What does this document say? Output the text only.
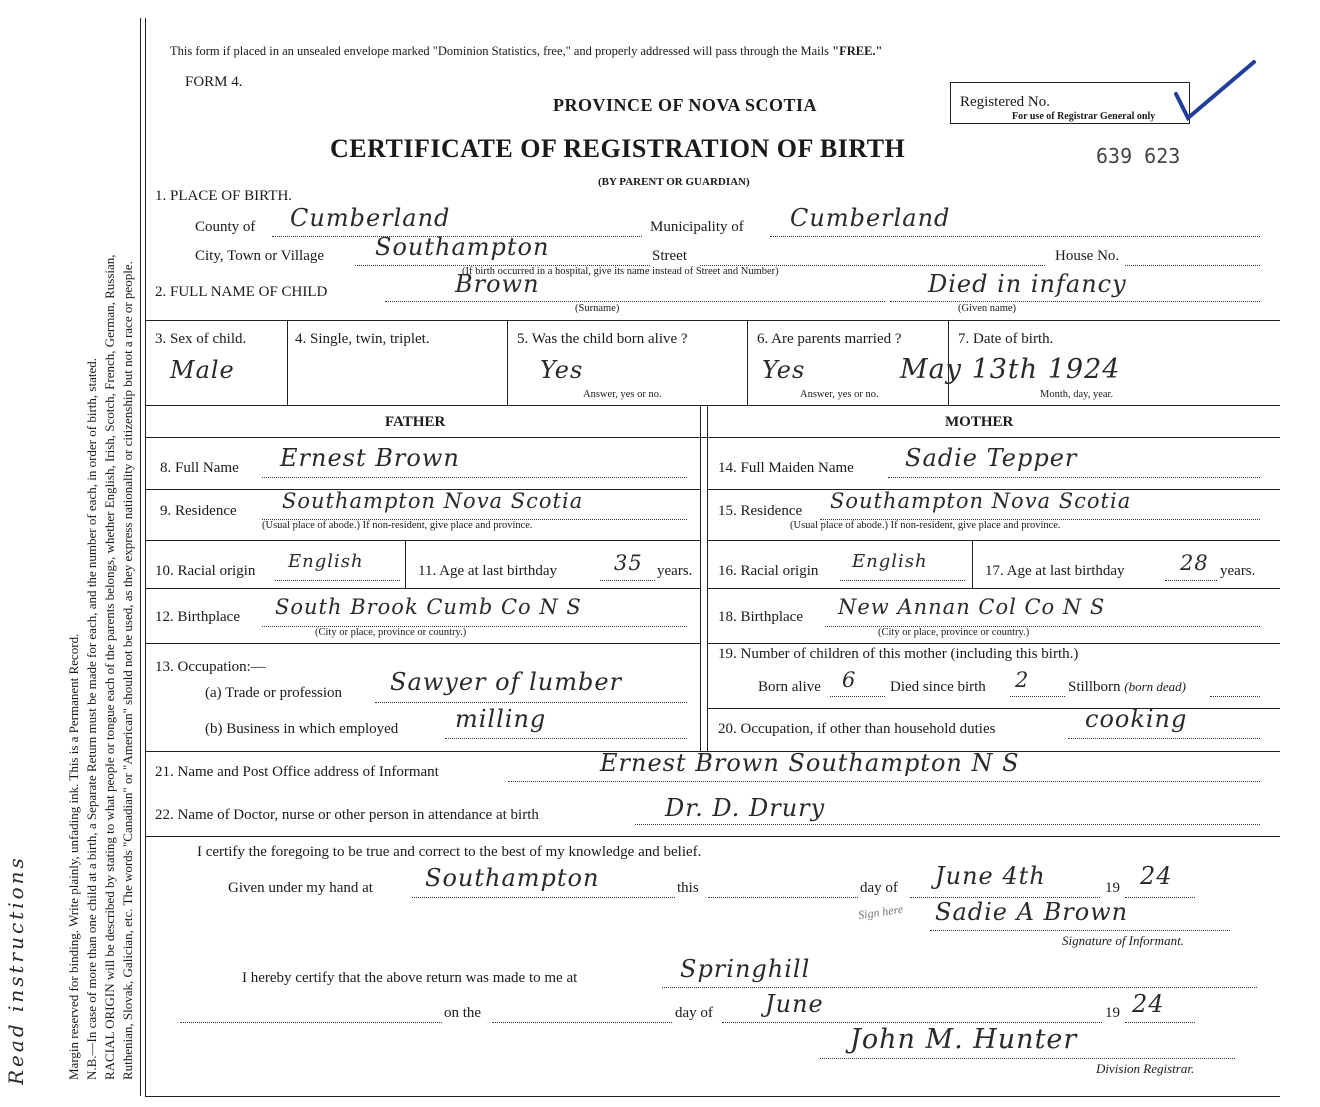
Read instructions	Margin reserved for binding. Write plainly, unfading ink. This is a Permanent Record. N.B.—In case of more than one child at a birth, a Separate Return must be made for each, and the number of each, in order of birth, stated. RACIAL ORIGIN will be described by stating to what people or tongue each of the parents belongs, whether English, Irish, Scotch, French, German, Russian, Ruthenian, Slovak, Galician, etc. The words "Canadian" or "American" should not be used, as they express nationality or citizenship but not a race or people.
This form if placed in an unsealed envelope marked "Dominion Statistics, free," and properly addressed will pass through the Mails "FREE."
FORM 4.
PROVINCE OF NOVA SCOTIA
CERTIFICATE OF REGISTRATION OF BIRTH
(BY PARENT OR GUARDIAN)
Registered No.
For use of Registrar General only
639 623
1. PLACE OF BIRTH.
County of Cumberland	Municipality of Cumberland
City, Town or Village Southampton	Street	House No.
(If birth occurred in a hospital, give its name instead of Street and Number)
2. FULL NAME OF CHILD	Brown
(Surname)
Died in infancy
(Given name)
3. Sex of child.
Male
4. Single, twin, triplet.	5. Was the child born alive ?
Yes
Answer, yes or no.
6. Are parents married ?
Yes
Answer, yes or no.
7. Date of birth.
May 13th 1924
Month, day, year.
FATHER	MOTHER
8. Full Name Ernest Brown
9. Residence Southampton Nova Scotia
(Usual place of abode.) If non-resident, give place and province.
10. Racial origin English	11. Age at last birthday	35 years.
12. Birthplace South Brook Cumb Co N S
(City or place, province or country.)
13. Occupation:—
(a) Trade or profession Sawyer of lumber
(b) Business in which employed milling
14. Full Maiden Name Sadie Tepper
15. Residence Southampton Nova Scotia
(Usual place of abode.) If non-resident, give place and province.
16. Racial origin English	17. Age at last birthday	28 years.
18. Birthplace New Annan Col Co N S
(City or place, province or country.)
19. Number of children of this mother (including this birth.)
Born alive 6 Died since birth 2	Stillborn (born dead)
20. Occupation, if other than household duties	cooking
21. Name and Post Office address of Informant	Ernest Brown Southampton N S
22. Name of Doctor, nurse or other person in attendance at birth	Dr. D. Drury
I certify the foregoing to be true and correct to the best of my knowledge and belief.
Given under my hand at Southampton	this	day of June 4th	19 24
Sign here Sadie A Brown
Signature of Informant.
I hereby certify that the above return was made to me at	Springhill
on the	day of June	19 24
John M. Hunter
Division Registrar.
